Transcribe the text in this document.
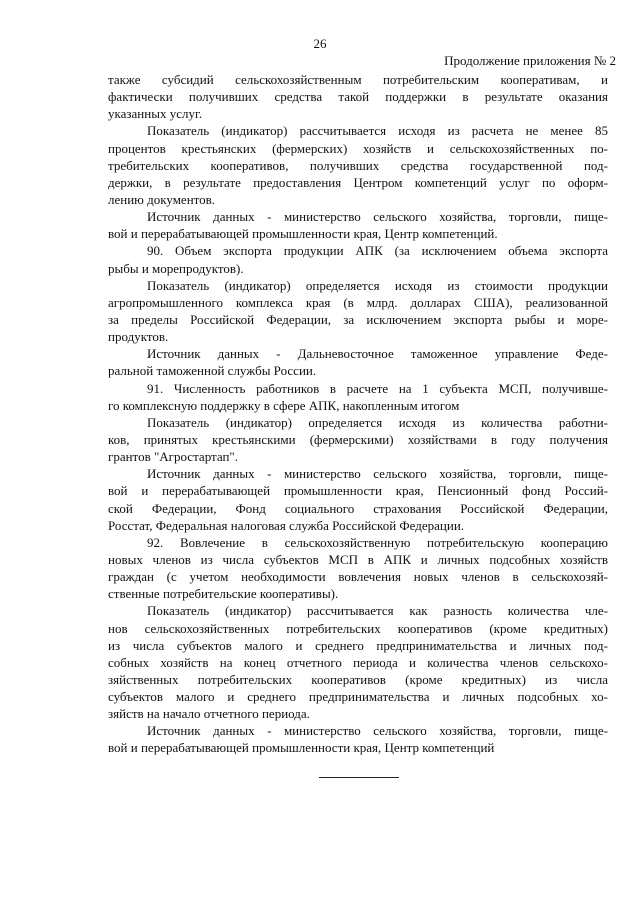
26
Продолжение приложения № 2
также субсидий сельскохозяйственным потребительским кооперативам, и
фактически получивших средства такой поддержки в результате оказания
указанных услуг.
Показатель (индикатор) рассчитывается исходя из расчета не менее 85
процентов крестьянских (фермерских) хозяйств и сельскохозяйственных по-
требительских кооперативов, получивших средства государственной под-
держки, в результате предоставления Центром компетенций услуг по оформ-
лению документов.
Источник данных - министерство сельского хозяйства, торговли, пище-
вой и перерабатывающей промышленности края, Центр компетенций.
90. Объем экспорта продукции АПК (за исключением объема экспорта
рыбы и морепродуктов).
Показатель (индикатор) определяется исходя из стоимости продукции
агропромышленного комплекса края (в млрд. долларах США), реализованной
за пределы Российской Федерации, за исключением экспорта рыбы и море-
продуктов.
Источник данных - Дальневосточное таможенное управление Феде-
ральной таможенной службы России.
91. Численность работников в расчете на 1 субъекта МСП, получивше-
го комплексную поддержку в сфере АПК, накопленным итогом
Показатель (индикатор) определяется исходя из количества работни-
ков, принятых крестьянскими (фермерскими) хозяйствами в году получения
грантов "Агростартап".
Источник данных - министерство сельского хозяйства, торговли, пище-
вой и перерабатывающей промышленности края, Пенсионный фонд Россий-
ской Федерации, Фонд социального страхования Российской Федерации,
Росстат, Федеральная налоговая служба Российской Федерации.
92. Вовлечение в сельскохозяйственную потребительскую кооперацию
новых членов из числа субъектов МСП в АПК и личных подсобных хозяйств
граждан (с учетом необходимости вовлечения новых членов в сельскохозяй-
ственные потребительские кооперативы).
Показатель (индикатор) рассчитывается как разность количества чле-
нов сельскохозяйственных потребительских кооперативов (кроме кредитных)
из числа субъектов малого и среднего предпринимательства и личных под-
собных хозяйств на конец отчетного периода и количества членов сельскохо-
зяйственных потребительских кооперативов (кроме кредитных) из числа
субъектов малого и среднего предпринимательства и личных подсобных хо-
зяйств на начало отчетного периода.
Источник данных - министерство сельского хозяйства, торговли, пище-
вой и перерабатывающей промышленности края, Центр компетенций
